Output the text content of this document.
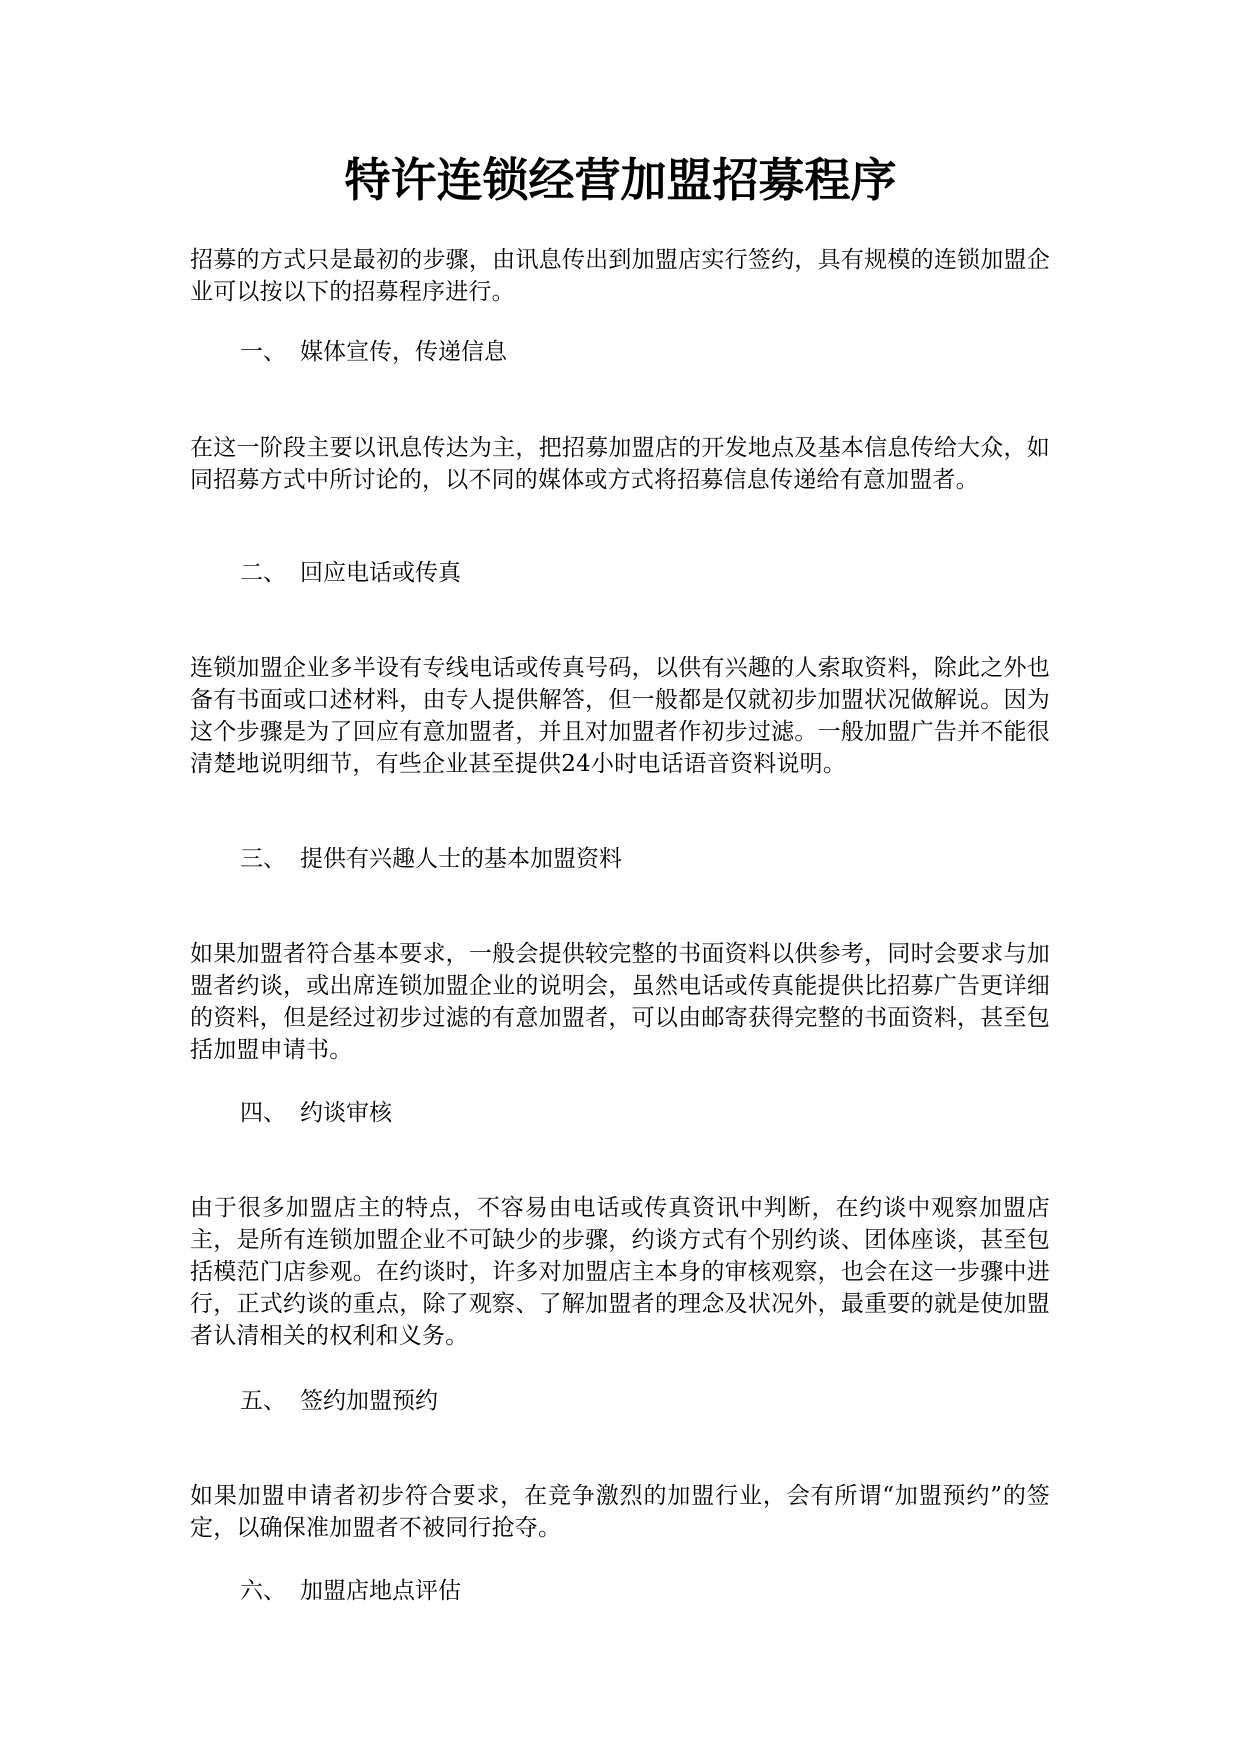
特许连锁经营加盟招募程序

招募的方式只是最初的步骤，由讯息传出到加盟店实行签约，具有规模的连锁加盟企业可以按以下的招募程序进行。

一、 媒体宣传，传递信息

在这一阶段主要以讯息传达为主，把招募加盟店的开发地点及基本信息传给大众，如同招募方式中所讨论的，以不同的媒体或方式将招募信息传递给有意加盟者。

二、 回应电话或传真

连锁加盟企业多半设有专线电话或传真号码，以供有兴趣的人索取资料，除此之外也备有书面或口述材料，由专人提供解答，但一般都是仅就初步加盟状况做解说。因为这个步骤是为了回应有意加盟者，并且对加盟者作初步过滤。一般加盟广告并不能很清楚地说明细节，有些企业甚至提供24小时电话语音资料说明。

三、 提供有兴趣人士的基本加盟资料

如果加盟者符合基本要求，一般会提供较完整的书面资料以供参考，同时会要求与加盟者约谈，或出席连锁加盟企业的说明会，虽然电话或传真能提供比招募广告更详细的资料，但是经过初步过滤的有意加盟者，可以由邮寄获得完整的书面资料，甚至包括加盟申请书。

四、 约谈审核

由于很多加盟店主的特点，不容易由电话或传真资讯中判断，在约谈中观察加盟店主，是所有连锁加盟企业不可缺少的步骤，约谈方式有个别约谈、团体座谈，甚至包括模范门店参观。在约谈时，许多对加盟店主本身的审核观察，也会在这一步骤中进行，正式约谈的重点，除了观察、了解加盟者的理念及状况外，最重要的就是使加盟者认清相关的权利和义务。

五、 签约加盟预约

如果加盟申请者初步符合要求，在竞争激烈的加盟行业，会有所谓“加盟预约”的签定，以确保准加盟者不被同行抢夺。

六、 加盟店地点评估
